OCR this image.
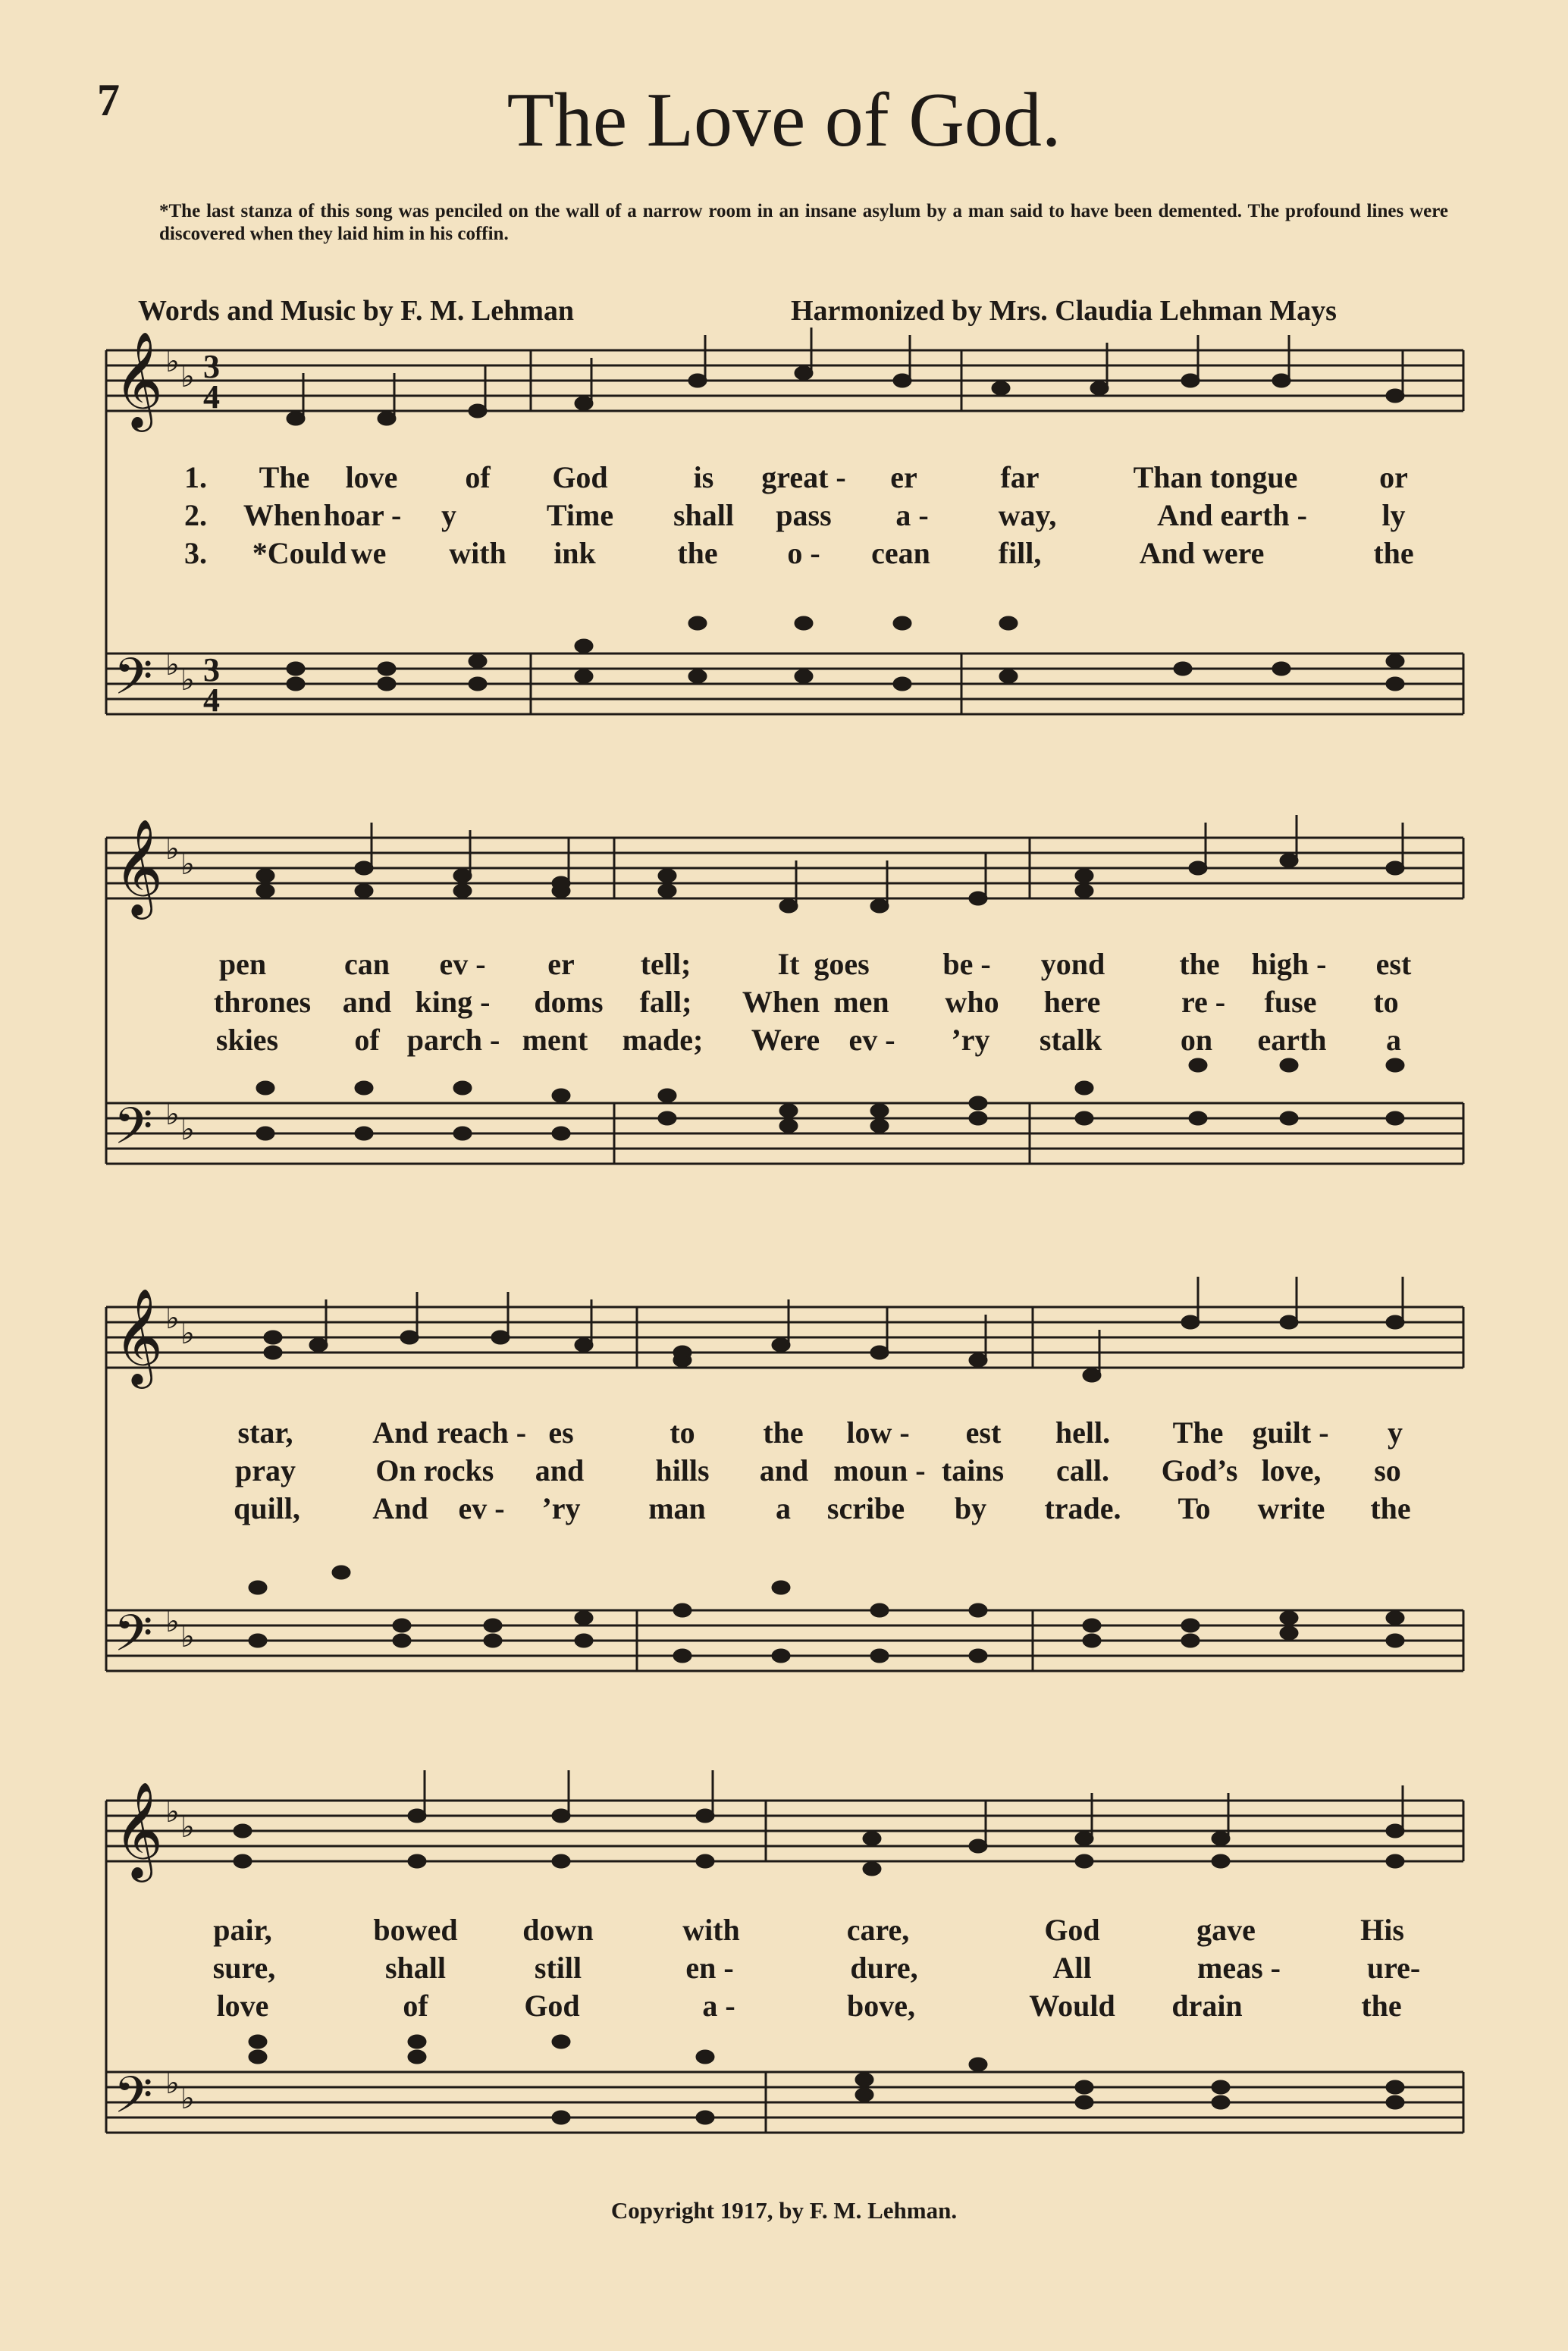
7	The Love of God.
*The last stanza of this song was penciled on the wall of a narrow room in an insane asylum by a man said to have been demented. The profound lines were discovered when they laid him in his coffin.
Words and Music by F. M. Lehman	Harmonized by Mrs. Claudia Lehman Mays
𝄞
𝄢
♭ ♭
♭ ♭
3
4
3
4
1. The love of God	is great - er	far	Than tongue	or
2. When hoar - y	Time shall pass a - way,	And earth - ly
3. *Could we with ink	the o - cean fill,	And were	the
𝄞
𝄢
♭ ♭
♭ ♭
pen	can ev - er tell;	It goes be - yond the high - est
thrones and king - doms fall; When men who here	re - fuse to
skies	of parch - ment made; Were ev - ’ry stalk	on earth a
𝄞
𝄢
♭ ♭
♭ ♭
star,	And reach - es	to the low - est hell. The guilt - y
pray	On rocks and hills and moun - tains call. God’s love, so
quill, And ev - ’ry man a scribe by trade. To write the
𝄞
𝄢
♭ ♭
♭ ♭
pair,	bowed down	with	care,	God	gave	His
sure,	shall	still	en -	dure,	All	meas -	ure-
love	of	God	a -	bove,	Would drain	the
Copyright 1917, by F. M. Lehman.
